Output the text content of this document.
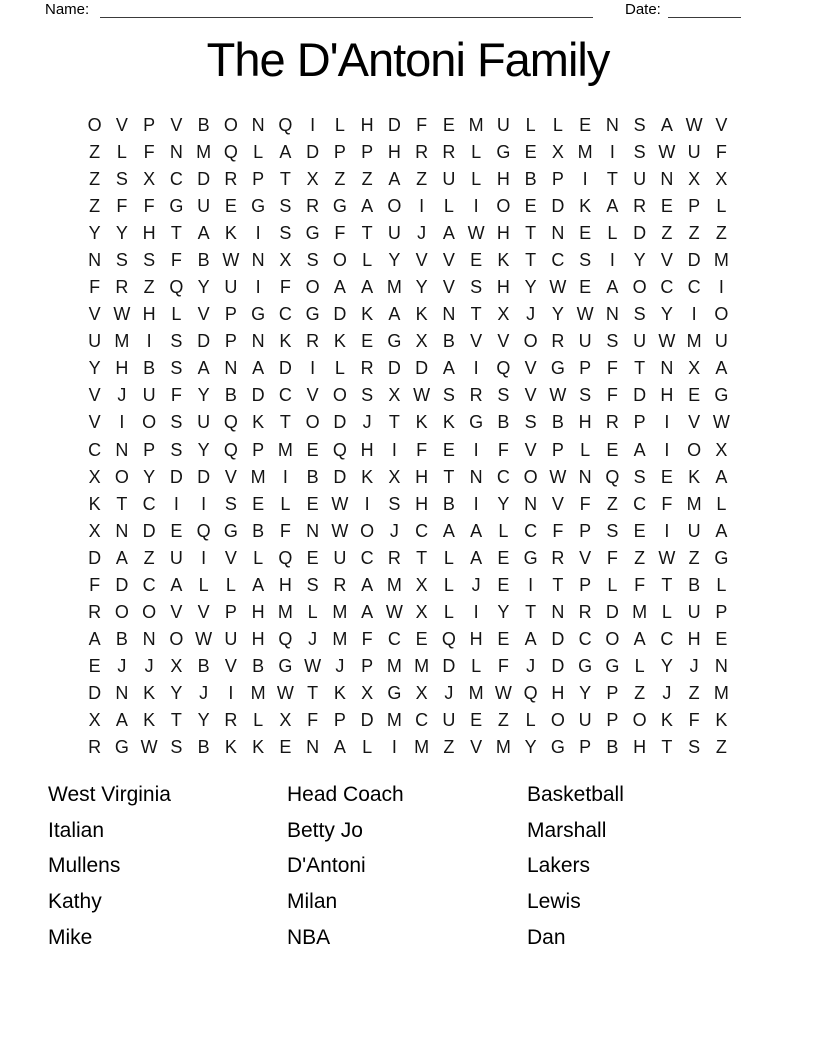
Name:	Date:
The D'Antoni Family
O V P V B O N Q I	L H D F E M U L L E N S A W V
Z L F N M Q L A D P P H R R L G E X M I	S W U F
Z S X C D R P T X Z Z A Z U L H B P	I	T U N X X
Z F F G U E G S R G A O I	L	I O E D K A R E P L
Y Y H T A K	I	S G F T U J A W H T N E L D Z Z Z
N S S F B W N X S O L Y V V E K T C S	I	Y V D M
F R Z Q Y U	I	F O A A M Y V S H Y W E A O C C	I
V W H L V P G C G D K A K N T X J Y W N S Y	I O
U M I	S D P N K R K E G X B V V O R U S U W M U
Y H B S A N A D	I	L R D D A	I Q V G P F T N X A
V J U F Y B D C V O S X W S R S V W S F D H E G
V	I O S U Q K T O D J T K K G B S B H R P	I	V W
C N P S Y Q P M E Q H	I	F E	I	F V P L E A	I O X
X O Y D D V M I	B D K X H T N C O W N Q S E K A
K T C	I	I	S E L E W I	S H B	I	Y N V F Z C F M L
X N D E Q G B F N W O J C A A L C F P S E	I	U A
D A Z U	I	V L Q E U C R T L A E G R V F Z W Z G
F D C A L L A H S R A M X L J E	I	T P L F T B L
R O O V V P H M L M A W X L	I	Y T N R D M L U P
A B N O W U H Q J M F C E Q H E A D C O A C H E
E J	J X B V B G W J P M M D L F J D G G L Y J N
D N K Y J	I M W T K X G X J M W Q H Y P Z J Z M
X A K T Y R L X F P D M C U E Z L O U P O K F K
R G W S B K K E N A L	I M Z V M Y G P B H T S Z
West Virginia
Italian
Mullens
Kathy
Mike
Head Coach
Betty Jo
D'Antoni
Milan
NBA
Basketball
Marshall
Lakers
Lewis
Dan
